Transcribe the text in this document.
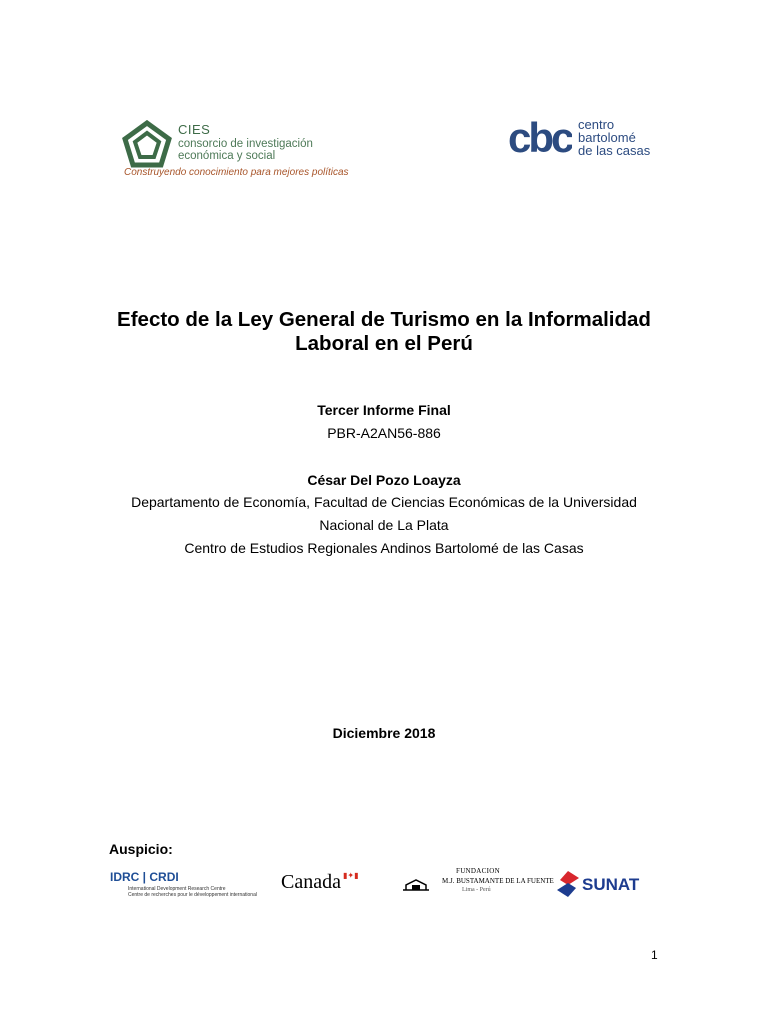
CIES
consorcio de investigación
económica y social
Construyendo conocimiento para mejores políticas
cbc centro
bartolomé
de las casas
Efecto de la Ley General de Turismo en la Informalidad
Laboral en el Perú
Tercer Informe Final
PBR-A2AN56-886
César Del Pozo Loayza
Departamento de Economía, Facultad de Ciencias Económicas de la Universidad
Nacional de La Plata
Centro de Estudios Regionales Andinos Bartolomé de las Casas
Diciembre 2018
Auspicio:
IDRC | CRDI
International Development Research Centre
Centre de recherches pour le développement international
Canada ▮✦▮	FUNDACION
M.J. BUSTAMANTE DE LA FUENTE
Lima - Perú	SUNAT
1
